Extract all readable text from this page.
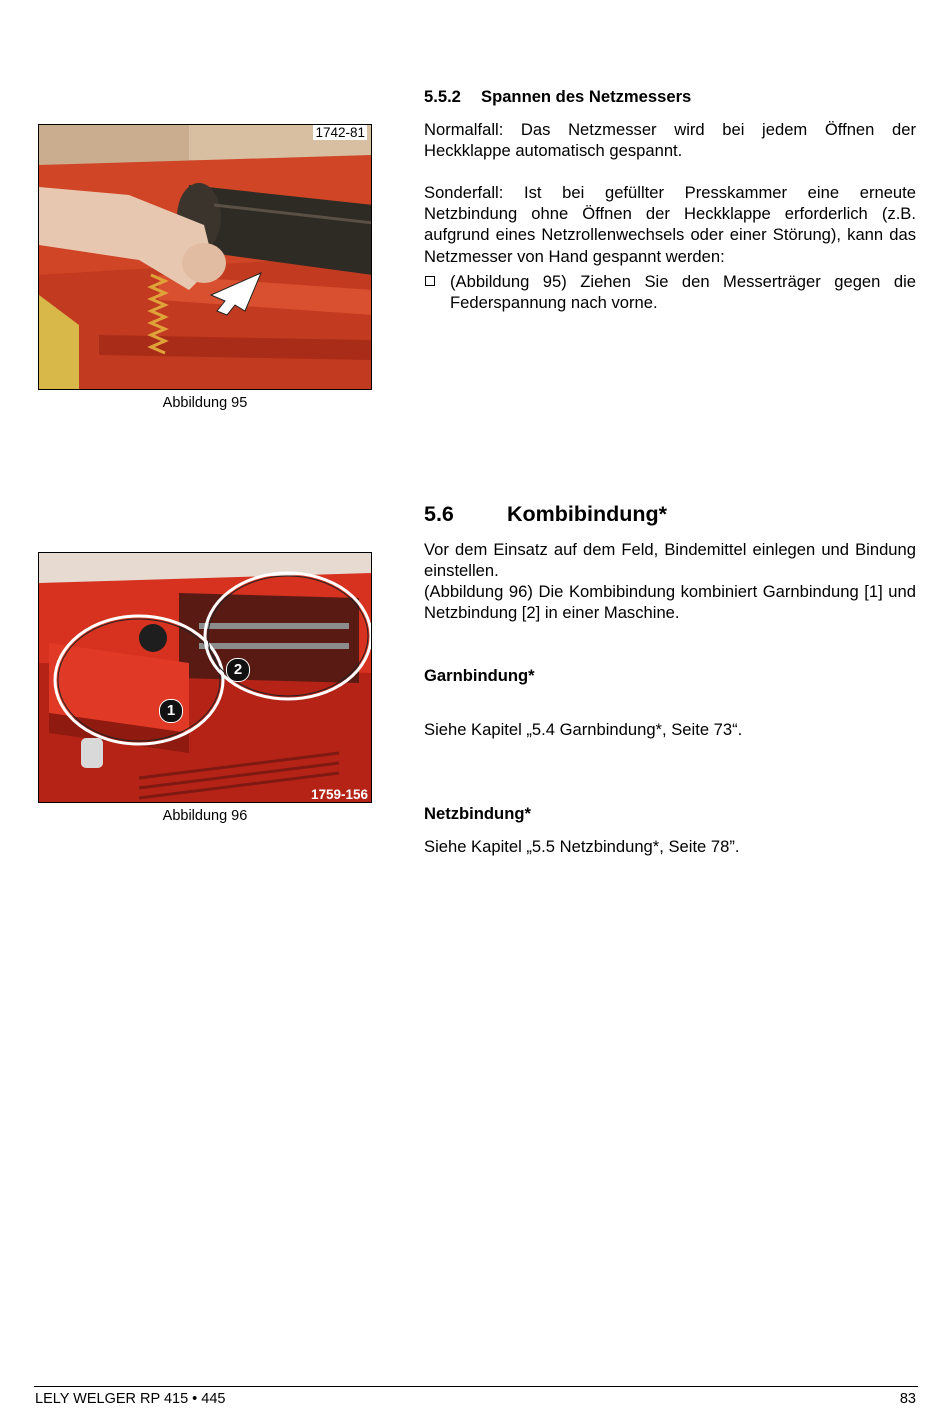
1742-81
Abbildung 95
5.5.2 Spannen des Netzmessers
Normalfall: Das Netzmesser wird bei jedem Öffnen der Heckklappe automatisch gespannt.
Sonderfall: Ist bei gefüllter Presskammer eine erneute Netzbindung ohne Öffnen der Heckklappe erforderlich (z.B. aufgrund eines Netzrollenwechsels oder einer Störung), kann das Netzmesser von Hand gespannt werden:
(Abbildung 95) Ziehen Sie den Messerträger gegen die Federspannung nach vorne.
1
2
1759-156
Abbildung 96
5.6 Kombibindung*
Vor dem Einsatz auf dem Feld, Bindemittel einlegen und Bindung einstellen.
(Abbildung 96) Die Kombibindung kombiniert Garnbindung [1] und Netzbindung [2] in einer Maschine.
Garnbindung*
Siehe Kapitel „5.4 Garnbindung*, Seite 73“.
Netzbindung*
Siehe Kapitel „5.5 Netzbindung*, Seite 78”.
LELY WELGER RP 415 • 445	83
